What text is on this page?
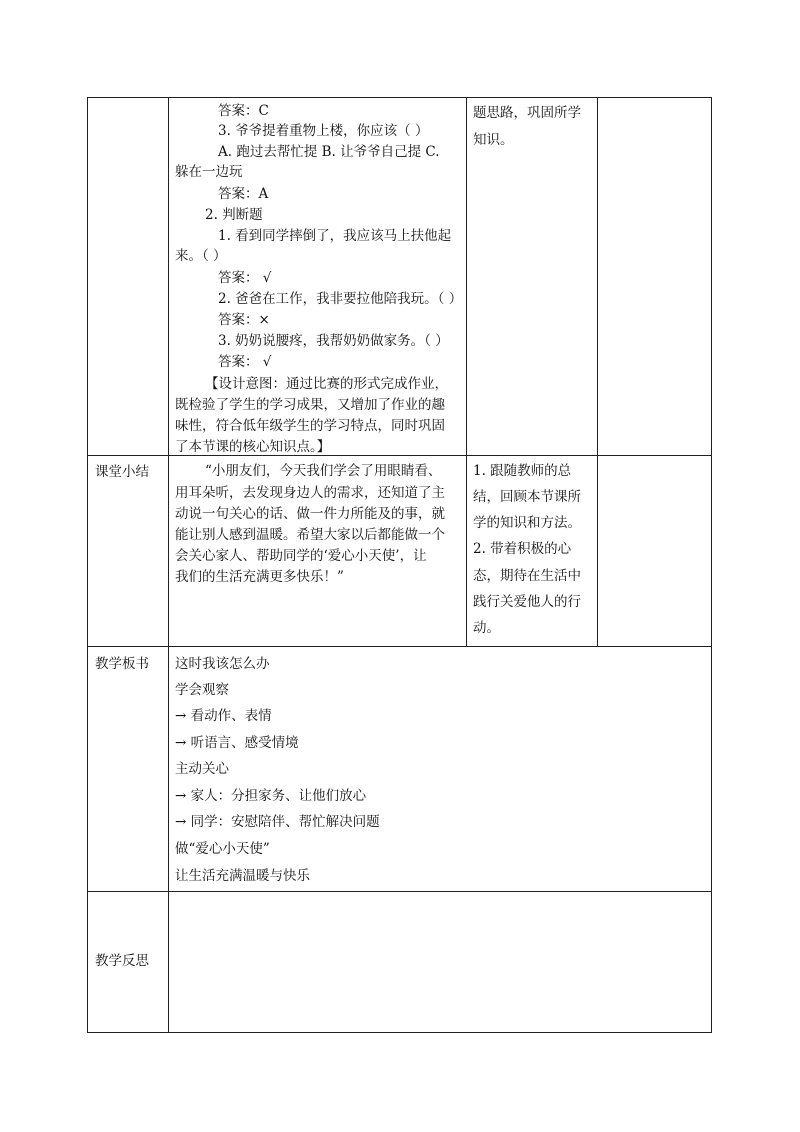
答案：C
3. 爷爷提着重物上楼，你应该（ ）
A. 跑过去帮忙提 B. 让爷爷自己提 C.
躲在一边玩
答案：A
2. 判断题
1. 看到同学摔倒了，我应该马上扶他起
来。（ ）
答案： √
2. 爸爸在工作，我非要拉他陪我玩。（ ）
答案：×
3. 奶奶说腰疼，我帮奶奶做家务。（ ）
答案： √
【设计意图：通过比赛的形式完成作业，
既检验了学生的学习成果，又增加了作业的趣
味性，符合低年级学生的学习特点，同时巩固
了本节课的核心知识点。】
题思路，巩固所学
知识。
课堂小结	“小朋友们，今天我们学会了用眼睛看、
用耳朵听，去发现身边人的需求，还知道了主
动说一句关心的话、做一件力所能及的事，就
能让别人感到温暖。希望大家以后都能做一个
会关心家人、帮助同学的‘爱心小天使’，让
我们的生活充满更多快乐！”
1. 跟随教师的总
结，回顾本节课所
学的知识和方法。
2. 带着积极的心
态，期待在生活中
践行关爱他人的行
动。
教学板书 这时我该怎么办
学会观察
→ 看动作、表情
→ 听语言、感受情境
主动关心
→ 家人：分担家务、让他们放心
→ 同学：安慰陪伴、帮忙解决问题
做“爱心小天使”
让生活充满温暖与快乐
教学反思
